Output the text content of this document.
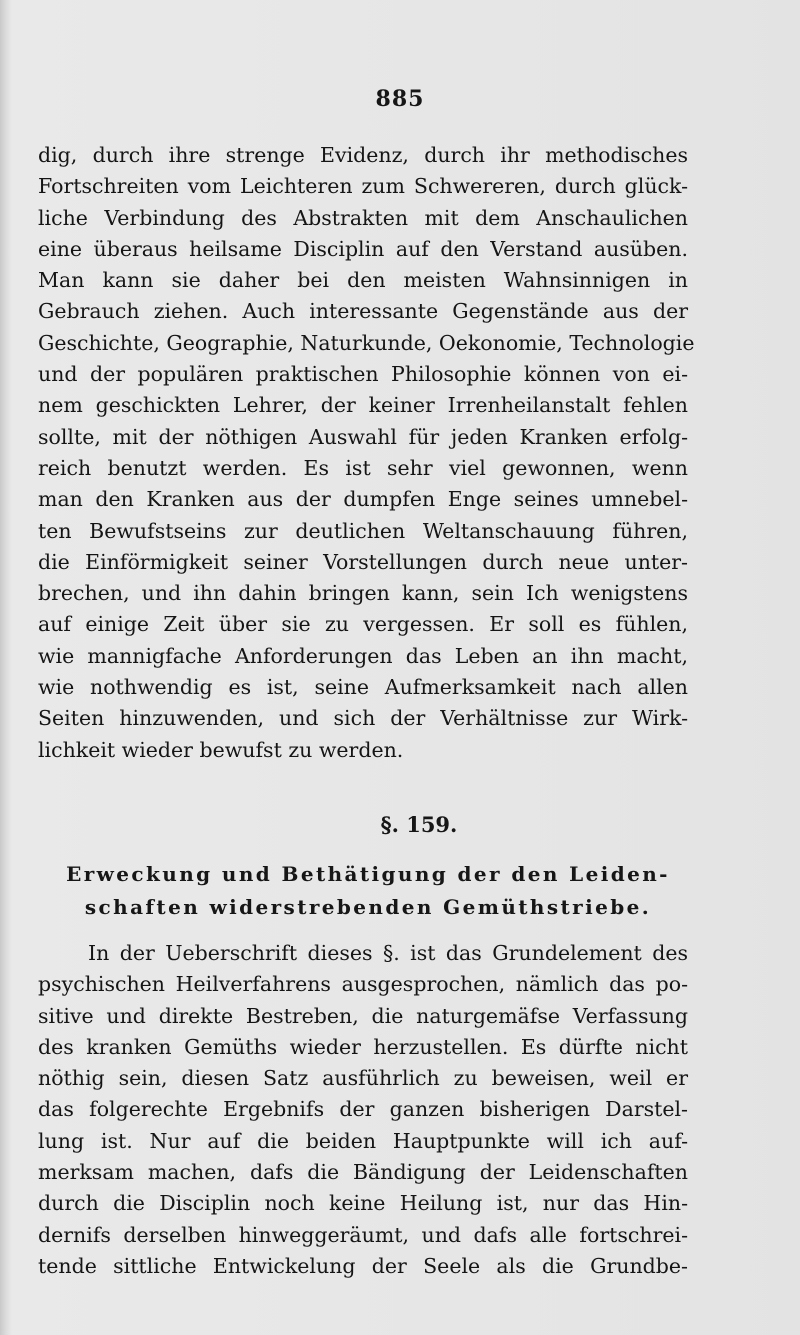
885
dig, durch ihre strenge Evidenz, durch ihr methodisches
Fortschreiten vom Leichteren zum Schwereren, durch glück-
liche Verbindung des Abstrakten mit dem Anschaulichen
eine überaus heilsame Disciplin auf den Verstand ausüben.
Man kann sie daher bei den meisten Wahnsinnigen in
Gebrauch ziehen. Auch interessante Gegenstände aus der
Geschichte, Geographie, Naturkunde, Oekonomie, Technologie
und der populären praktischen Philosophie können von ei-
nem geschickten Lehrer, der keiner Irrenheilanstalt fehlen
sollte, mit der nöthigen Auswahl für jeden Kranken erfolg-
reich benutzt werden. Es ist sehr viel gewonnen, wenn
man den Kranken aus der dumpfen Enge seines umnebel-
ten Bewufstseins zur deutlichen Weltanschauung führen,
die Einförmigkeit seiner Vorstellungen durch neue unter-
brechen, und ihn dahin bringen kann, sein Ich wenigstens
auf einige Zeit über sie zu vergessen. Er soll es fühlen,
wie mannigfache Anforderungen das Leben an ihn macht,
wie nothwendig es ist, seine Aufmerksamkeit nach allen
Seiten hinzuwenden, und sich der Verhältnisse zur Wirk-
lichkeit wieder bewufst zu werden.
§. 159.
Erweckung und Bethätigung der den Leiden-
schaften widerstrebenden Gemüthstriebe.
In der Ueberschrift dieses §. ist das Grundelement des
psychischen Heilverfahrens ausgesprochen, nämlich das po-
sitive und direkte Bestreben, die naturgemäfse Verfassung
des kranken Gemüths wieder herzustellen. Es dürfte nicht
nöthig sein, diesen Satz ausführlich zu beweisen, weil er
das folgerechte Ergebnifs der ganzen bisherigen Darstel-
lung ist. Nur auf die beiden Hauptpunkte will ich auf-
merksam machen, dafs die Bändigung der Leidenschaften
durch die Disciplin noch keine Heilung ist, nur das Hin-
dernifs derselben hinweggeräumt, und dafs alle fortschrei-
tende sittliche Entwickelung der Seele als die Grundbe-
